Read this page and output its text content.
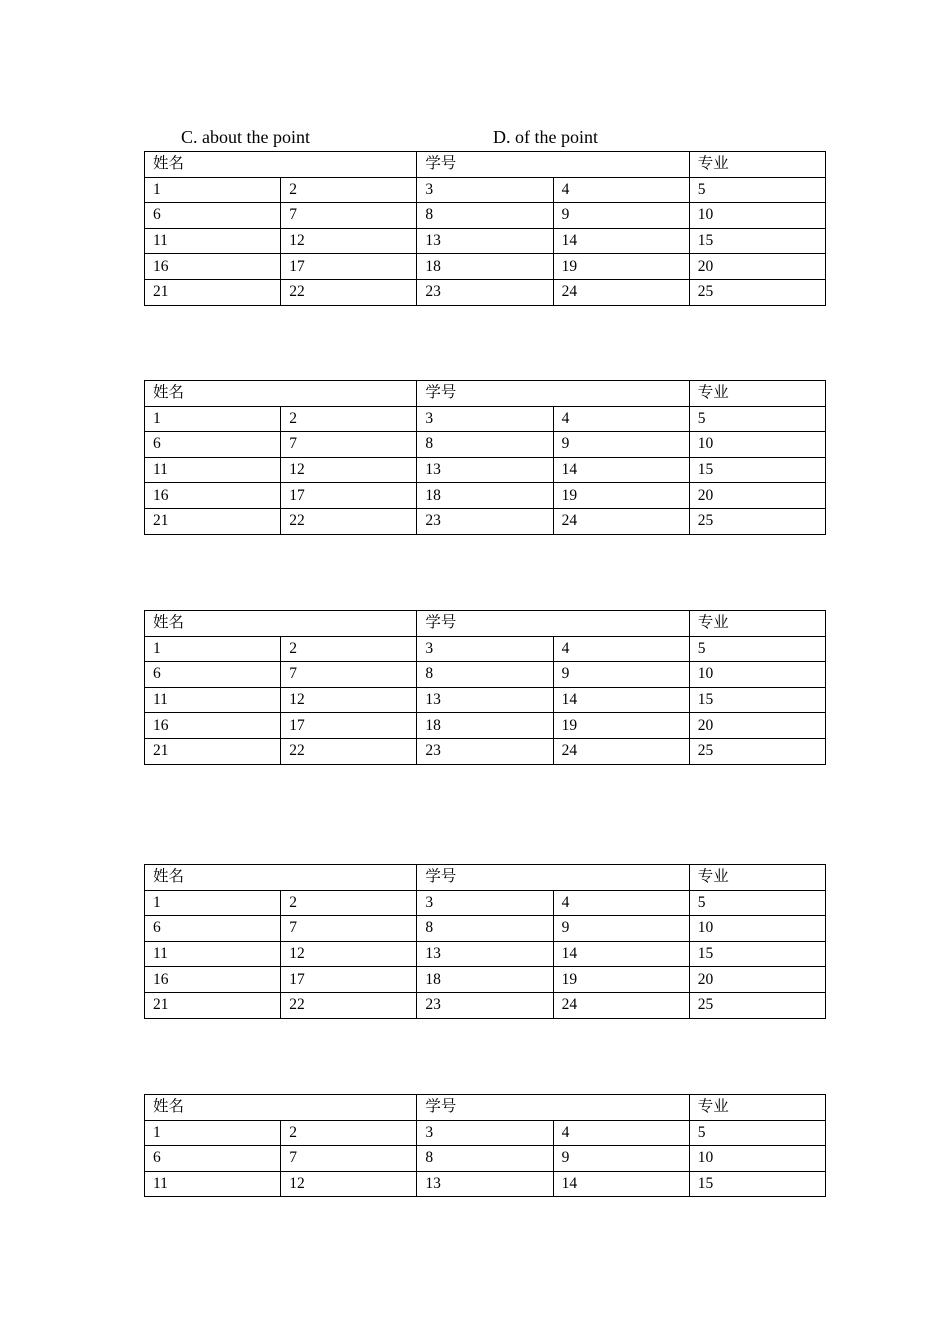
C. about the point	D. of the point
姓名		学号		专业
1	2	3	4	5
6	7	8	9	10
11	12	13	14	15
16	17	18	19	20
21	22	23	24	25
姓名		学号		专业
1	2	3	4	5
6	7	8	9	10
11	12	13	14	15
16	17	18	19	20
21	22	23	24	25
姓名		学号		专业
1	2	3	4	5
6	7	8	9	10
11	12	13	14	15
16	17	18	19	20
21	22	23	24	25
姓名		学号		专业
1	2	3	4	5
6	7	8	9	10
11	12	13	14	15
16	17	18	19	20
21	22	23	24	25
姓名		学号		专业
1	2	3	4	5
6	7	8	9	10
11	12	13	14	15
